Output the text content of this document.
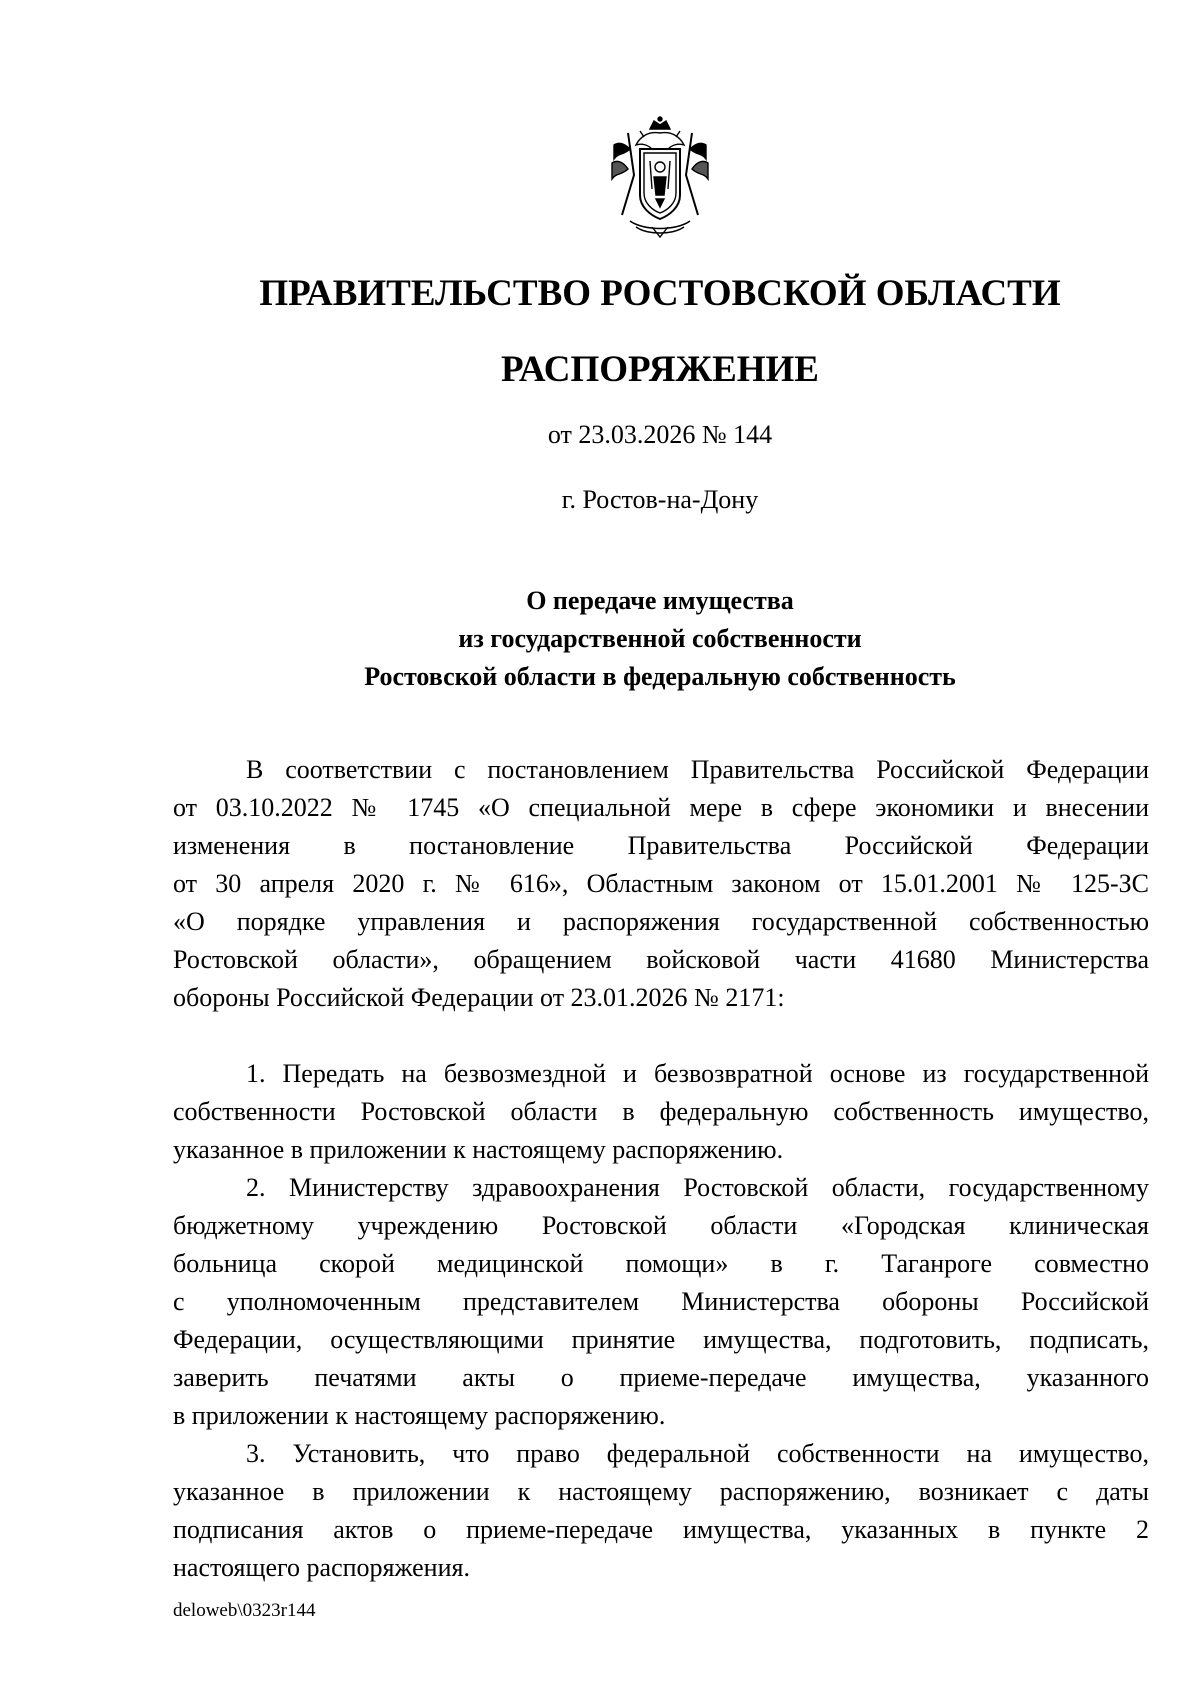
ПРАВИТЕЛЬСТВО РОСТОВСКОЙ ОБЛАСТИ
РАСПОРЯЖЕНИЕ
от 23.03.2026 № 144
г. Ростов-на-Дону
О передаче имущества
из государственной собственности
Ростовской области в федеральную собственность
В соответствии с постановлением Правительства Российской Федерации
от 03.10.2022 № 1745 «О специальной мере в сфере экономики и внесении
изменения в постановление Правительства Российской Федерации
от 30 апреля 2020 г. № 616», Областным законом от 15.01.2001 № 125-ЗС
«О порядке управления и распоряжения государственной собственностью
Ростовской области», обращением войсковой части 41680 Министерства
обороны Российской Федерации от 23.01.2026 № 2171:
1. Передать на безвозмездной и безвозвратной основе из государственной
собственности Ростовской области в федеральную собственность имущество,
указанное в приложении к настоящему распоряжению.
2. Министерству здравоохранения Ростовской области, государственному
бюджетному учреждению Ростовской области «Городская клиническая
больница скорой медицинской помощи» в г. Таганроге совместно
с уполномоченным представителем Министерства обороны Российской
Федерации, осуществляющими принятие имущества, подготовить, подписать,
заверить печатями акты о приеме-передаче имущества, указанного
в приложении к настоящему распоряжению.
3. Установить, что право федеральной собственности на имущество,
указанное в приложении к настоящему распоряжению, возникает с даты
подписания актов о приеме-передаче имущества, указанных в пункте 2
настоящего распоряжения.
deloweb\0323r144
